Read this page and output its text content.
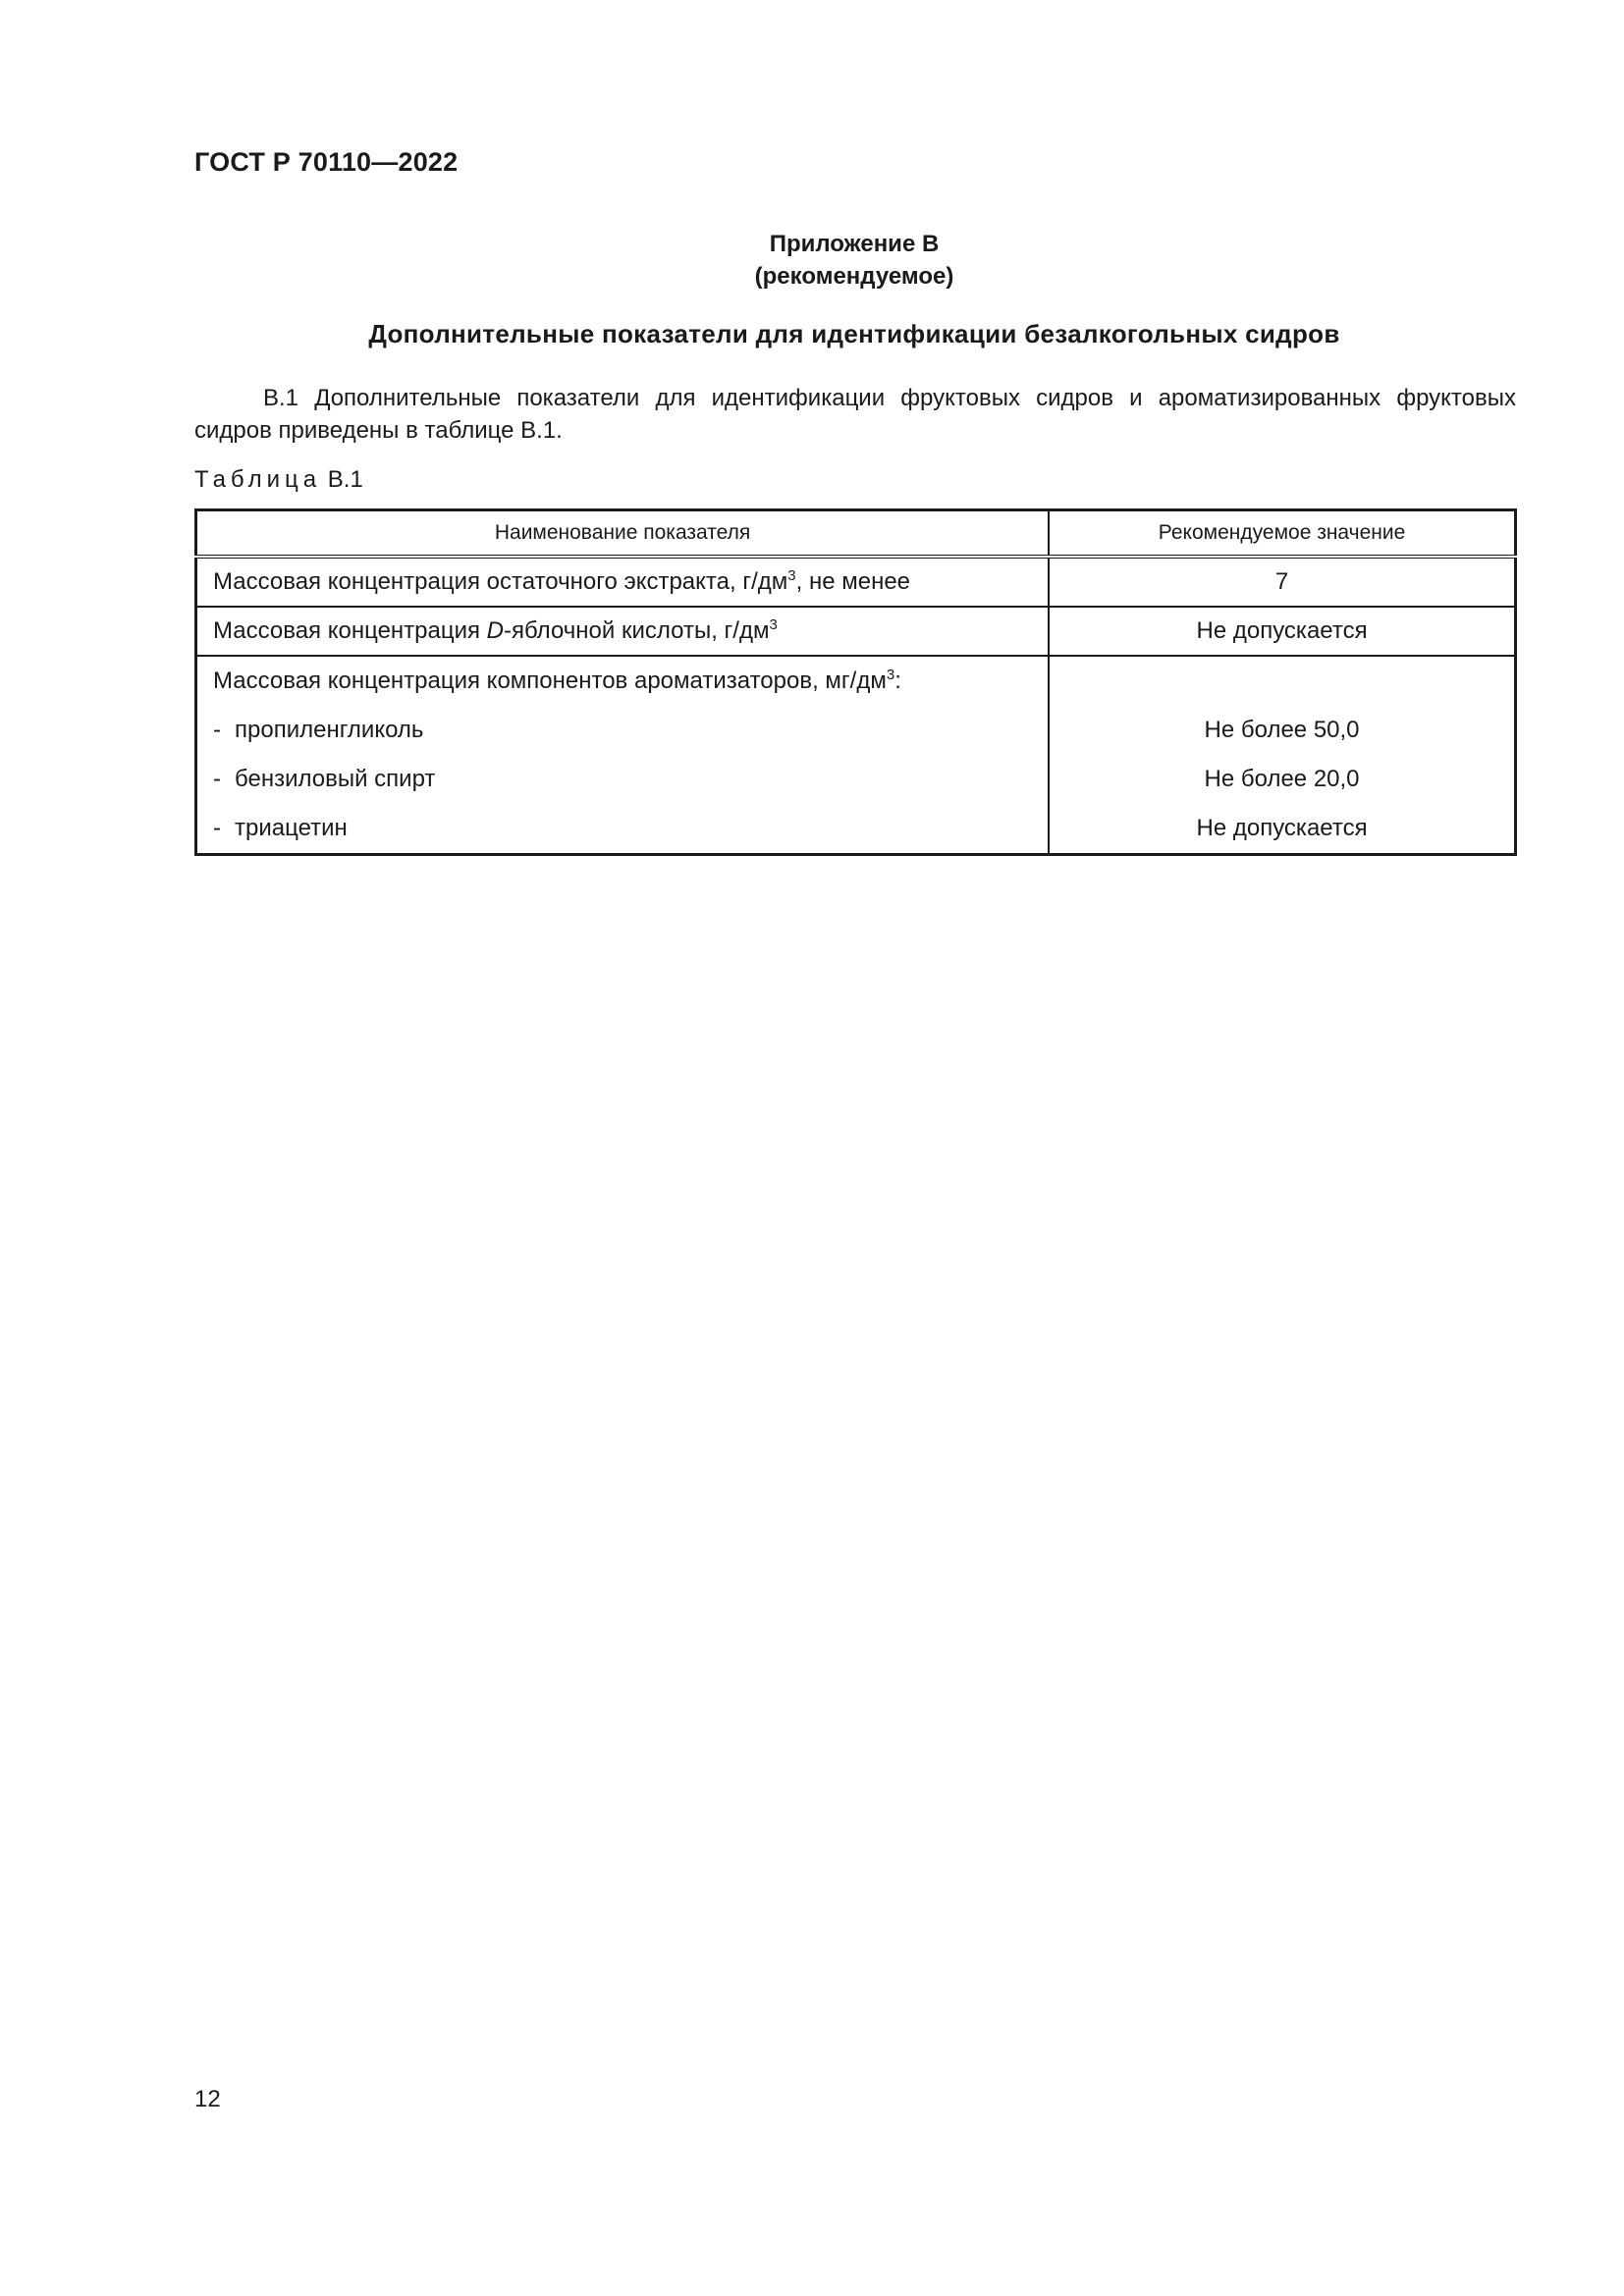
ГОСТ Р 70110—2022
Приложение В
(рекомендуемое)
Дополнительные показатели для идентификации безалкогольных сидров
В.1 Дополнительные показатели для идентификации фруктовых сидров и ароматизированных фруктовых сидров приведены в таблице В.1.
Таблица В.1
Наименование показателя	Рекомендуемое значение
Массовая концентрация остаточного экстракта, $г/дм^3$, не менее	7
Массовая концентрация D-яблочной кислоты, $г/дм^3$	Не допускается
Массовая концентрация компонентов ароматизаторов, $мг/дм^3$:	
- пропиленгликоль	Не более 50,0
- бензиловый спирт	Не более 20,0
- триацетин	Не допускается
12
